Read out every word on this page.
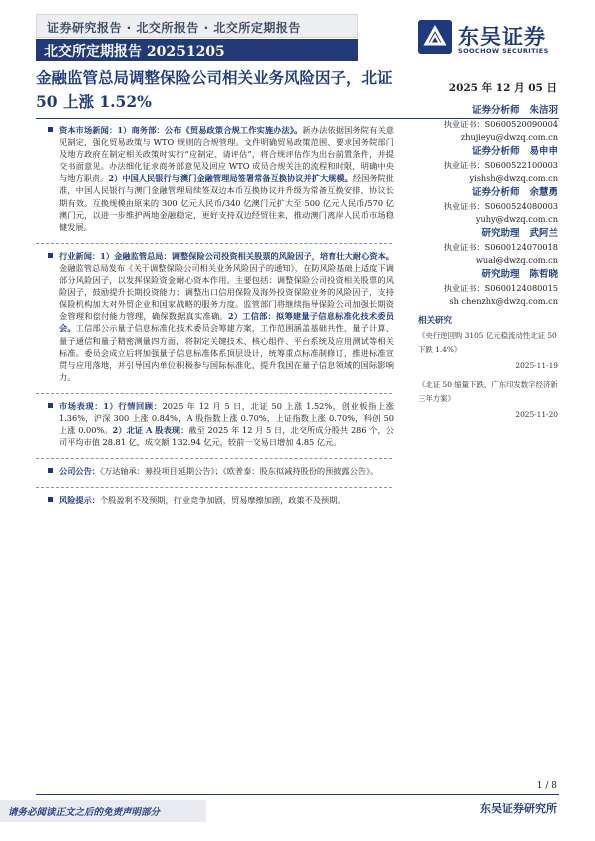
证券研究报告 · 北交所报告 · 北交所定期报告
北交所定期报告 20251205
东吴证券
SOOCHOW SECURITIES
金融监管总局调整保险公司相关业务风险因子，北证 50 上涨 1.52%
2025 年 12 月 05 日

资本市场新闻：1）商务部：公布《贸易政策合规工作实施办法》。新办法依据国务院有关意见制定，强化贸易政策与 WTO 规则的合规管理。文件明确贸易政策范围、要求国务院部门及地方政府在制定相关政策时实行“应制定、请评估”，将合规评估作为出台前置条件，并提交书面意见。办法细化征求商务部意见及回应 WTO 成员合规关注的流程和时限，明确中央与地方职责。2）中国人民银行与澳门金融管理局签署常备互换协议并扩大规模。经国务院批准，中国人民银行与澳门金融管理局续签双边本币互换协议并升级为常备互换安排，协议长期有效。互换规模由原来的 300 亿元人民币/340 亿澳门元扩大至 500 亿元人民币/570 亿澳门元，以进一步维护两地金融稳定，更好支持双边经贸往来，推动澳门离岸人民币市场稳健发展。

行业新闻：1）金融监管总局：调整保险公司投资相关股票的风险因子，培育壮大耐心资本。金融监管总局发布《关于调整保险公司相关业务风险因子的通知》，在防风险基础上适度下调部分风险因子，以发挥保险资金耐心资本作用。主要包括：调整保险公司投资相关股票的风险因子，鼓励提升长期投资能力；调整出口信用保险及海外投资保险业务的风险因子，支持保险机构加大对外贸企业和国家战略的服务力度。监管部门将继续指导保险公司加强长期资金管理和偿付能力管理，确保数据真实准确。2）工信部：拟筹建量子信息标准化技术委员会。工信部公示量子信息标准化技术委员会筹建方案，工作范围涵盖基础共性、量子计算、量子通信和量子精密测量四方面，将制定关键技术、核心组件、平台系统及应用测试等相关标准。委员会成立后将加强量子信息标准体系顶层设计，统筹重点标准制修订，推进标准宣贯与应用落地，并引导国内单位积极参与国际标准化，提升我国在量子信息领域的国际影响力。

市场表现：1）行情回顾：2025 年 12 月 5 日，北证 50 上涨 1.52%，创业板指上涨 1.36%，沪深 300 上涨 0.84%，A 股指数上涨 0.70%，上证指数上涨 0.70%，科创 50 上涨 0.00%。2）北证 A 股表现：截至 2025 年 12 月 5 日，北交所成分股共 286 个，公司平均市值 28.81 亿，成交额 132.94 亿元，较前一交易日增加 4.85 亿元。

公司公告：《万达轴承：募投项目延期公告》；《欧普泰：股东拟减持股份的预披露公告》。

风险提示：个股盈利不及预期，行业竞争加剧，贸易摩擦加剧，政策不及预期。

证券分析师 朱洁羽
执业证书：S0600520090004
zhujieyu@dwzq.com.cn
证券分析师 易申申
执业证书：S0600522100003
yishsh@dwzq.com.cn
证券分析师 余慧勇
执业证书：S0600524080003
yuhy@dwzq.com.cn
研究助理 武阿兰
执业证书：S0600124070018
wual@dwzq.com.cn
研究助理 陈哲晓
执业证书：S0600124080015
sh chenzhx@dwzq.com.cn
相关研究
《央行逆回购 3105 亿元稳流动性北证 50 下跌 1.4%》
2025-11-19
《北证 50 缩量下跌，广东印发数字经济新三年方案》
2025-11-20
1 / 8
请务必阅读正文之后的免责声明部分	东吴证券研究所
